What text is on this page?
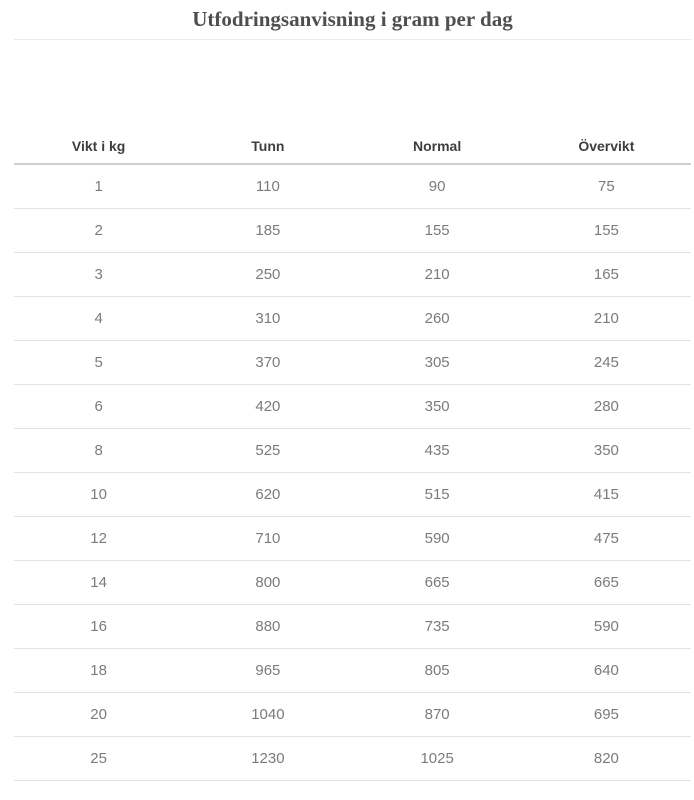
Utfodringsanvisning i gram per dag
Vikt i kg	Tunn	Normal	Övervikt
1	110	90	75
2	185	155	155
3	250	210	165
4	310	260	210
5	370	305	245
6	420	350	280
8	525	435	350
10	620	515	415
12	710	590	475
14	800	665	665
16	880	735	590
18	965	805	640
20	1040	870	695
25	1230	1025	820
